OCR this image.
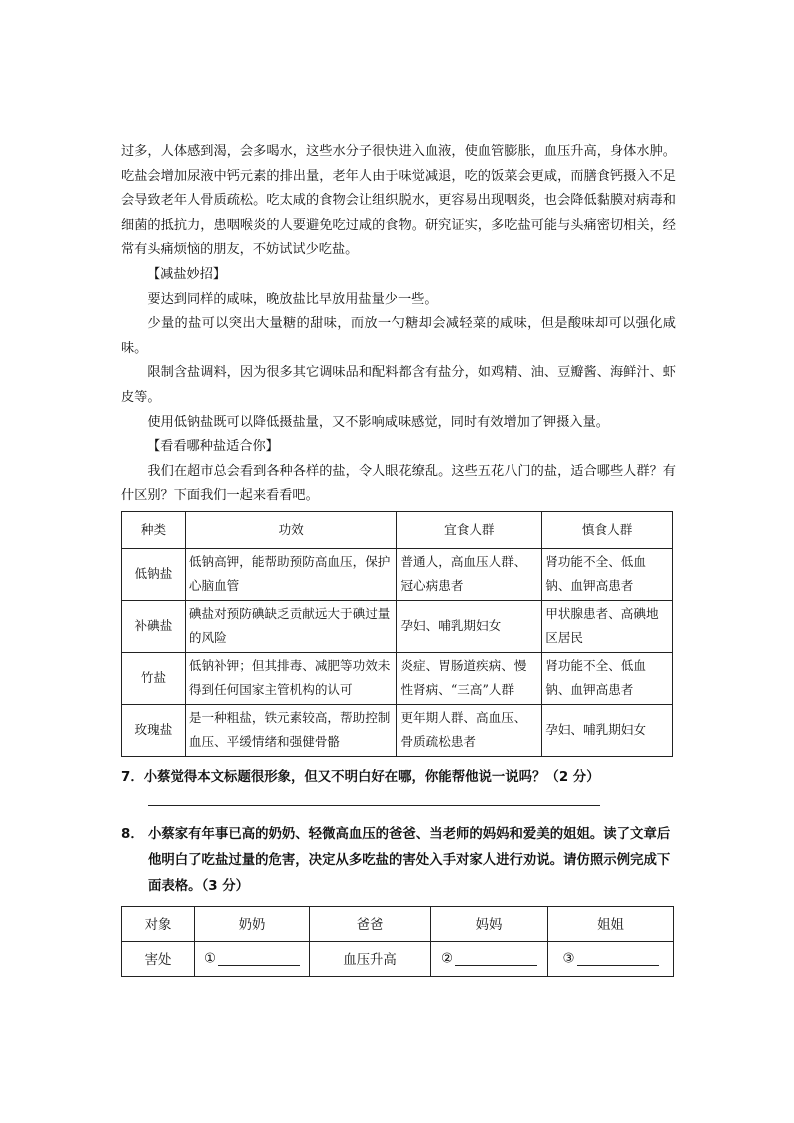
过多，人体感到渴，会多喝水，这些水分子很快进入血液，使血管膨胀，血压升高，身体水肿。吃盐会增加尿液中钙元素的排出量，老年人由于味觉减退，吃的饭菜会更咸，而膳食钙摄入不足会导致老年人骨质疏松。吃太咸的食物会让组织脱水，更容易出现咽炎，也会降低黏膜对病毒和细菌的抵抗力，患咽喉炎的人要避免吃过咸的食物。研究证实，多吃盐可能与头痛密切相关，经常有头痛烦恼的朋友，不妨试试少吃盐。

【减盐妙招】

要达到同样的咸味，晚放盐比早放用盐量少一些。

少量的盐可以突出大量糖的甜味，而放一勺糖却会减轻菜的咸味，但是酸味却可以强化咸味。

限制含盐调料，因为很多其它调味品和配料都含有盐分，如鸡精、油、豆瓣酱、海鲜汁、虾皮等。

使用低钠盐既可以降低摄盐量，又不影响咸味感觉，同时有效增加了钾摄入量。

【看看哪种盐适合你】

我们在超市总会看到各种各样的盐，令人眼花缭乱。这些五花八门的盐，适合哪些人群？有什区别？下面我们一起来看看吧。

种类	功效	宜食人群	慎食人群
低钠盐	低钠高钾，能帮助预防高血压，保护心脑血管	普通人，高血压人群、冠心病患者	肾功能不全、低血钠、血钾高患者
补碘盐	碘盐对预防碘缺乏贡献远大于碘过量的风险	孕妇、哺乳期妇女	甲状腺患者、高碘地区居民
竹盐	低钠补钾；但其排毒、减肥等功效未得到任何国家主管机构的认可	炎症、胃肠道疾病、慢性肾病、“三高”人群	肾功能不全、低血钠、血钾高患者
玫瑰盐	是一种粗盐，铁元素较高，帮助控制血压、平缓情绪和强健骨骼	更年期人群、高血压、骨质疏松患者	孕妇、哺乳期妇女

7．小蔡觉得本文标题很形象，但又不明白好在哪，你能帮他说一说吗？（2 分）

8． 小蔡家有年事已高的奶奶、轻微高血压的爸爸、当老师的妈妈和爱美的姐姐。读了文章后他明白了吃盐过量的危害，决定从多吃盐的害处入手对家人进行劝说。请仿照示例完成下面表格。（3 分）
对象	奶奶	爸爸	妈妈	姐姐
害处	①	血压升高	②	③
